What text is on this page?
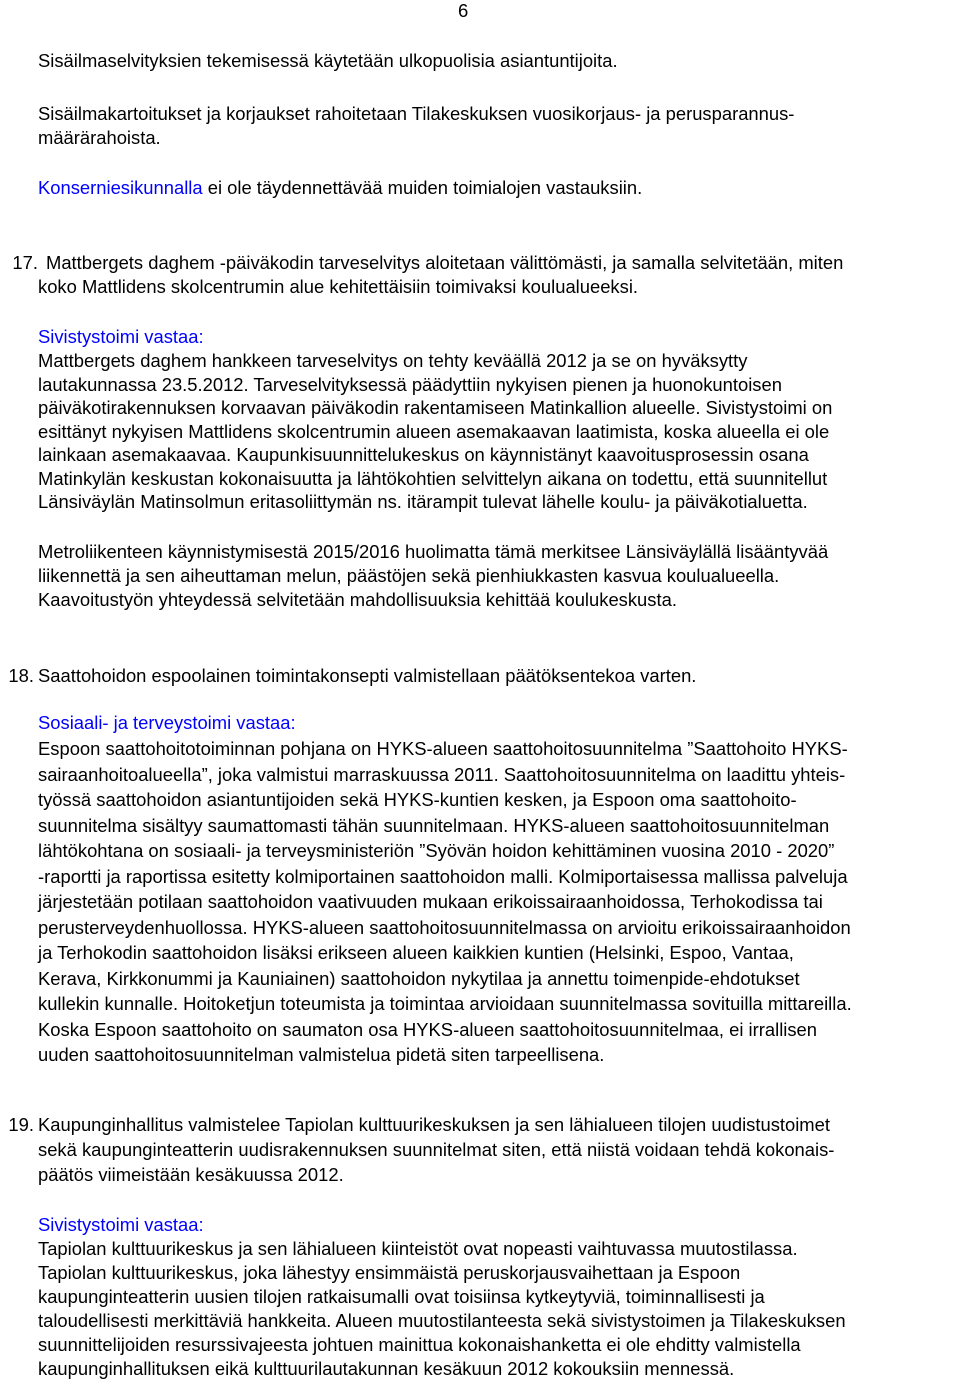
6
Sisäilmaselvityksien tekemisessä käytetään ulkopuolisia asiantuntijoita.
Sisäilmakartoitukset ja korjaukset rahoitetaan Tilakeskuksen vuosikorjaus- ja perusparannus-
määrärahoista.
Konserniesikunnalla ei ole täydennettävää muiden toimialojen vastauksiin.
17. Mattbergets daghem -päiväkodin tarveselvitys aloitetaan välittömästi, ja samalla selvitetään, miten
koko Mattlidens skolcentrumin alue kehitettäisiin toimivaksi koulualueeksi.
Sivistystoimi vastaa:
Mattbergets daghem hankkeen tarveselvitys on tehty keväällä 2012 ja se on hyväksytty
lautakunnassa 23.5.2012. Tarveselvityksessä päädyttiin nykyisen pienen ja huonokuntoisen
päiväkotirakennuksen korvaavan päiväkodin rakentamiseen Matinkallion alueelle. Sivistystoimi on
esittänyt nykyisen Mattlidens skolcentrumin alueen asemakaavan laatimista, koska alueella ei ole
lainkaan asemakaavaa. Kaupunkisuunnittelukeskus on käynnistänyt kaavoitusprosessin osana
Matinkylän keskustan kokonaisuutta ja lähtökohtien selvittelyn aikana on todettu, että suunnitellut
Länsiväylän Matinsolmun eritasoliittymän ns. itärampit tulevat lähelle koulu- ja päiväkotialuetta.
Metroliikenteen käynnistymisestä 2015/2016 huolimatta tämä merkitsee Länsiväylällä lisääntyvää
liikennettä ja sen aiheuttaman melun, päästöjen sekä pienhiukkasten kasvua koulualueella.
Kaavoitustyön yhteydessä selvitetään mahdollisuuksia kehittää koulukeskusta.
18. Saattohoidon espoolainen toimintakonsepti valmistellaan päätöksentekoa varten.
Sosiaali- ja terveystoimi vastaa:
Espoon saattohoitotoiminnan pohjana on HYKS-alueen saattohoitosuunnitelma ”Saattohoito HYKS-
sairaanhoitoalueella”, joka valmistui marraskuussa 2011. Saattohoitosuunnitelma on laadittu yhteis-
työssä saattohoidon asiantuntijoiden sekä HYKS-kuntien kesken, ja Espoon oma saattohoito-
suunnitelma sisältyy saumattomasti tähän suunnitelmaan. HYKS-alueen saattohoitosuunnitelman
lähtökohtana on sosiaali- ja terveysministeriön ”Syövän hoidon kehittäminen vuosina 2010 - 2020”
-raportti ja raportissa esitetty kolmiportainen saattohoidon malli. Kolmiportaisessa mallissa palveluja
järjestetään potilaan saattohoidon vaativuuden mukaan erikoissairaanhoidossa, Terhokodissa tai
perusterveydenhuollossa. HYKS-alueen saattohoitosuunnitelmassa on arvioitu erikoissairaanhoidon
ja Terhokodin saattohoidon lisäksi erikseen alueen kaikkien kuntien (Helsinki, Espoo, Vantaa,
Kerava, Kirkkonummi ja Kauniainen) saattohoidon nykytilaa ja annettu toimenpide-ehdotukset
kullekin kunnalle. Hoitoketjun toteumista ja toimintaa arvioidaan suunnitelmassa sovituilla mittareilla.
Koska Espoon saattohoito on saumaton osa HYKS-alueen saattohoitosuunnitelmaa, ei irrallisen
uuden saattohoitosuunnitelman valmistelua pidetä siten tarpeellisena.
19. Kaupunginhallitus valmistelee Tapiolan kulttuurikeskuksen ja sen lähialueen tilojen uudistustoimet
sekä kaupunginteatterin uudisrakennuksen suunnitelmat siten, että niistä voidaan tehdä kokonais-
päätös viimeistään kesäkuussa 2012.
Sivistystoimi vastaa:
Tapiolan kulttuurikeskus ja sen lähialueen kiinteistöt ovat nopeasti vaihtuvassa muutostilassa.
Tapiolan kulttuurikeskus, joka lähestyy ensimmäistä peruskorjausvaihettaan ja Espoon
kaupunginteatterin uusien tilojen ratkaisumalli ovat toisiinsa kytkeytyviä, toiminnallisesti ja
taloudellisesti merkittäviä hankkeita. Alueen muutostilanteesta sekä sivistystoimen ja Tilakeskuksen
suunnittelijoiden resurssivajeesta johtuen mainittua kokonaishanketta ei ole ehditty valmistella
kaupunginhallituksen eikä kulttuurilautakunnan kesäkuun 2012 kokouksiin mennessä.
